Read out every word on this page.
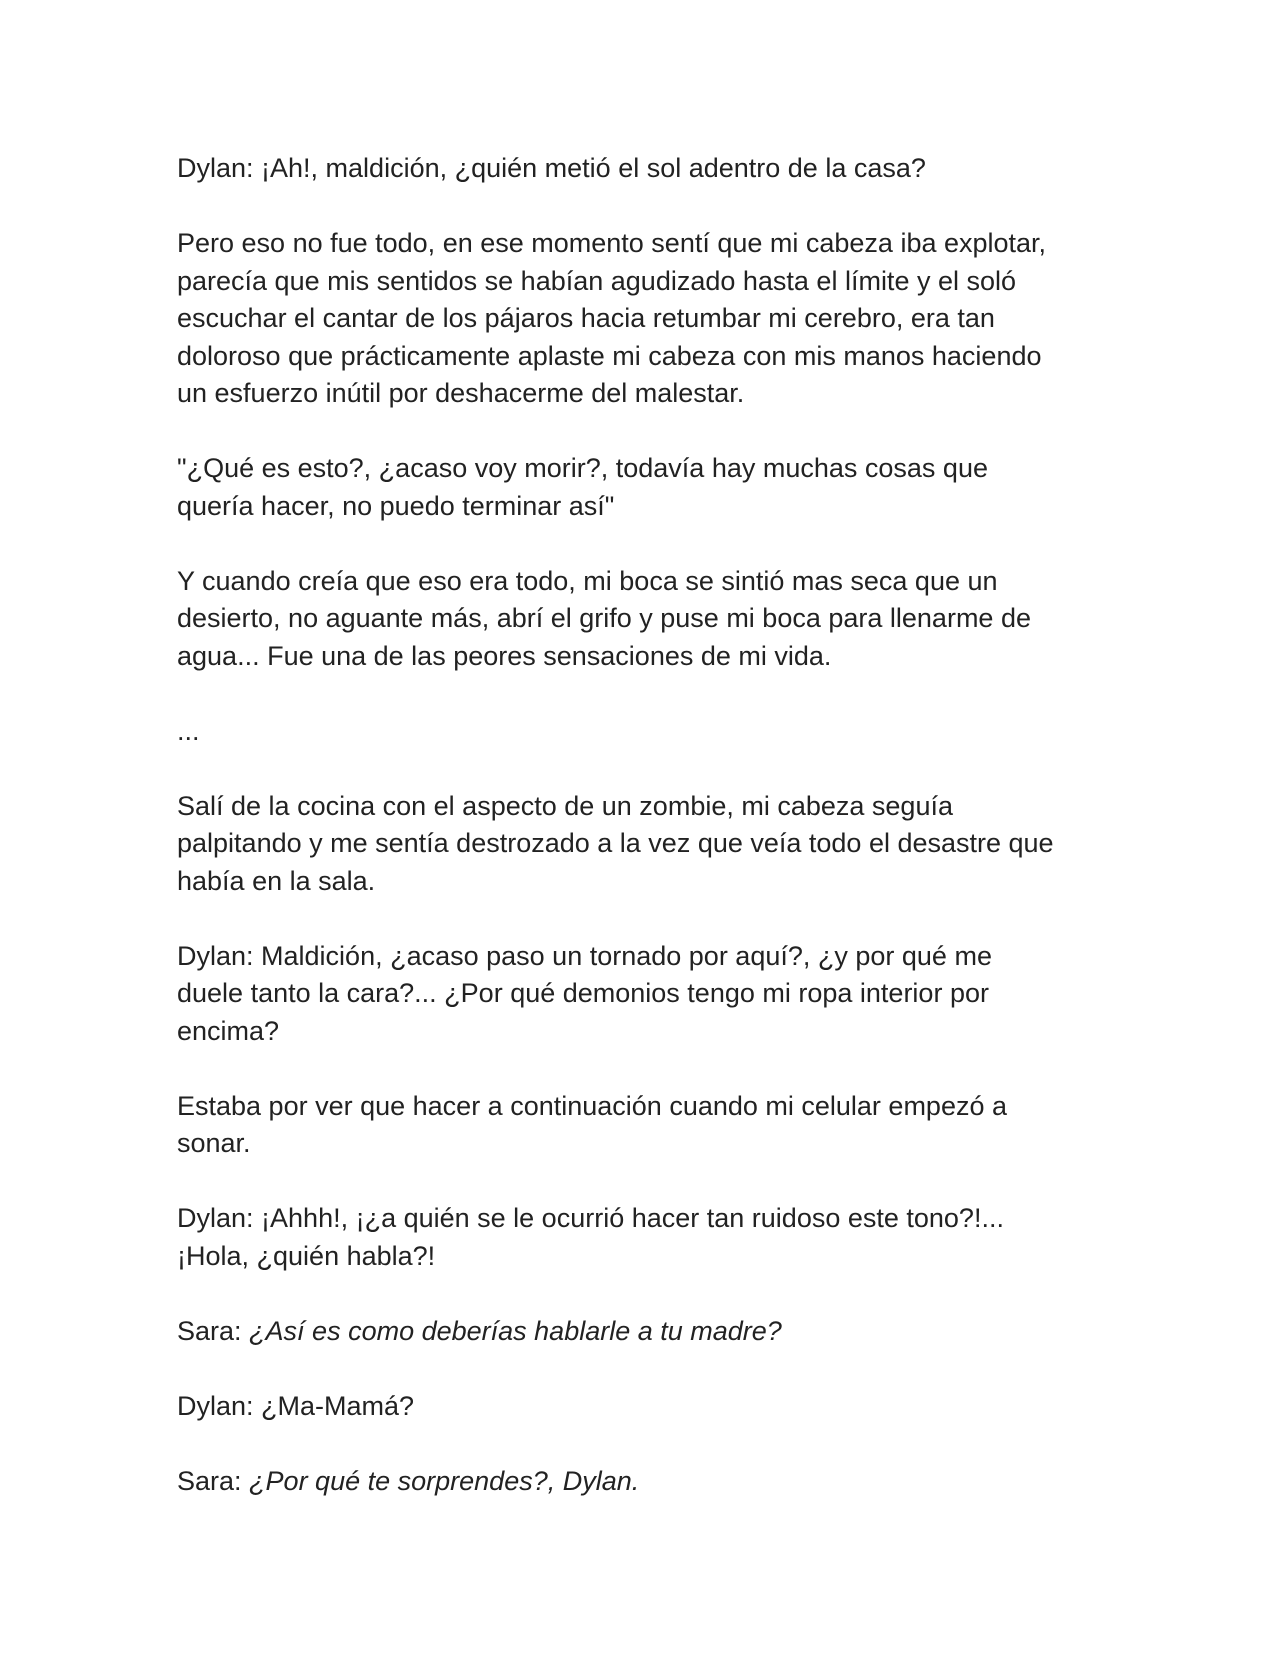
Dylan: ¡Ah!, maldición, ¿quién metió el sol adentro de la casa?

Pero eso no fue todo, en ese momento sentí que mi cabeza iba explotar,
parecía que mis sentidos se habían agudizado hasta el límite y el soló
escuchar el cantar de los pájaros hacia retumbar mi cerebro, era tan
doloroso que prácticamente aplaste mi cabeza con mis manos haciendo
un esfuerzo inútil por deshacerme del malestar.

"¿Qué es esto?, ¿acaso voy morir?, todavía hay muchas cosas que
quería hacer, no puedo terminar así"

Y cuando creía que eso era todo, mi boca se sintió mas seca que un
desierto, no aguante más, abrí el grifo y puse mi boca para llenarme de
agua... Fue una de las peores sensaciones de mi vida.

...

Salí de la cocina con el aspecto de un zombie, mi cabeza seguía
palpitando y me sentía destrozado a la vez que veía todo el desastre que
había en la sala.

Dylan: Maldición, ¿acaso paso un tornado por aquí?, ¿y por qué me
duele tanto la cara?... ¿Por qué demonios tengo mi ropa interior por
encima?

Estaba por ver que hacer a continuación cuando mi celular empezó a
sonar.

Dylan: ¡Ahhh!, ¡¿a quién se le ocurrió hacer tan ruidoso este tono?!...
¡Hola, ¿quién habla?!

Sara: ¿Así es como deberías hablarle a tu madre?

Dylan: ¿Ma-Mamá?

Sara: ¿Por qué te sorprendes?, Dylan.
